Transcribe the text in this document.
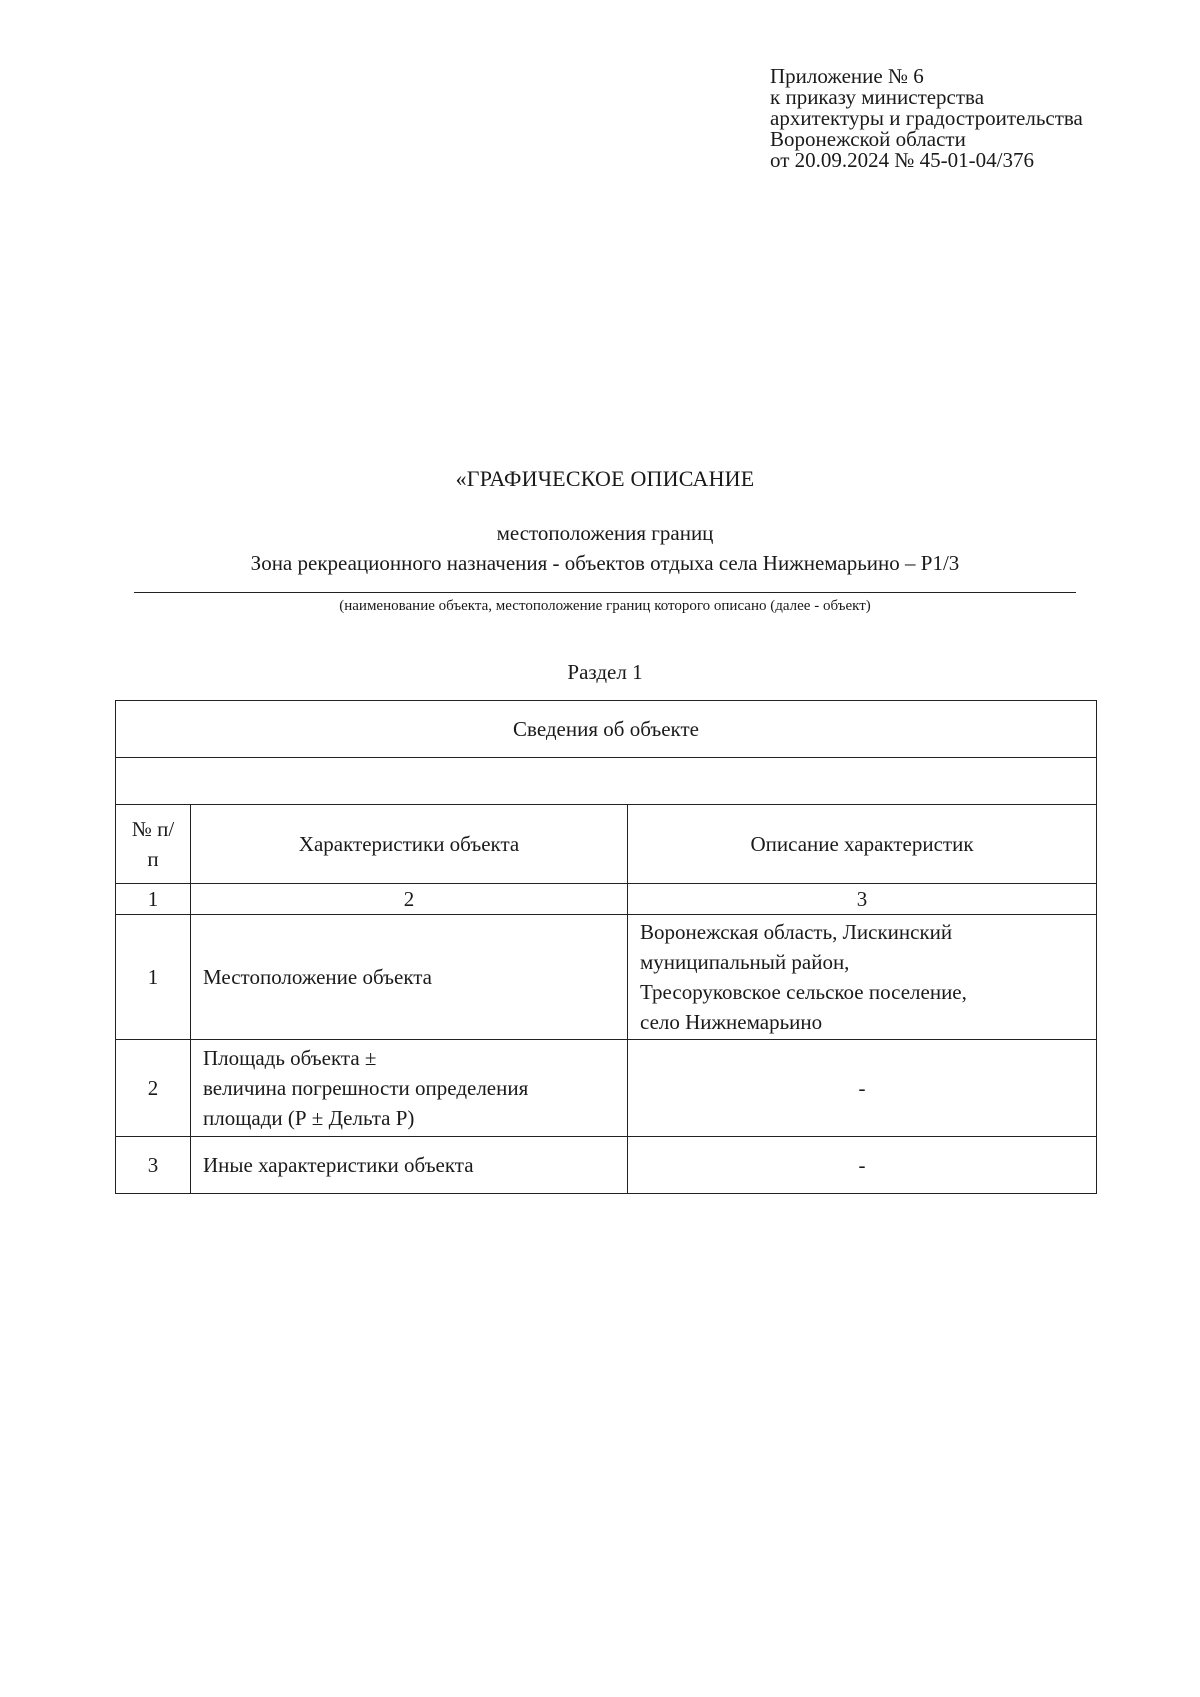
Приложение № 6
к приказу министерства
архитектуры и градостроительства
Воронежской области
от 20.09.2024 № 45-01-04/376
«ГРАФИЧЕСКОЕ ОПИСАНИЕ
местоположения границ
Зона рекреационного назначения - объектов отдыха села Нижнемарьино – Р1/3
(наименование объекта, местоположение границ которого описано (далее - объект)
Раздел 1
Сведения об объекте		

№ п/п	Характеристики объекта	Описание характеристик
1	2	3
1	Местоположение объекта	Воронежская область, Лискинский
муниципальный район,
Тресоруковское сельское поселение,
село Нижнемарьино

2	Площадь объекта ±
величина погрешности определения
площади (Р ± Дельта Р)	-
3	Иные характеристики объекта	-
